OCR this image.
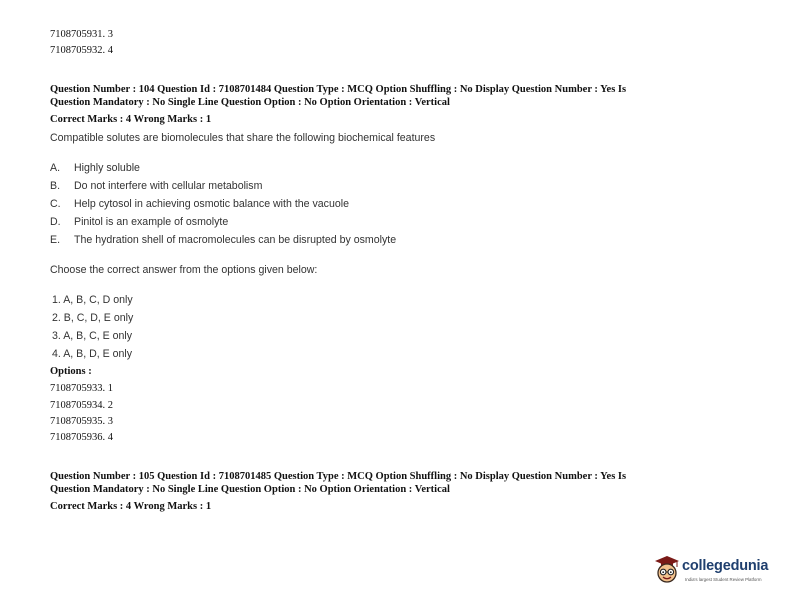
7108705931. 3
7108705932. 4
Question Number : 104 Question Id : 7108701484 Question Type : MCQ Option Shuffling : No Display Question Number : Yes Is
Question Mandatory : No Single Line Question Option : No Option Orientation : Vertical
Correct Marks : 4 Wrong Marks : 1
Compatible solutes are biomolecules that share the following biochemical features
A. Highly soluble
B. Do not interfere with cellular metabolism
C. Help cytosol in achieving osmotic balance with the vacuole
D. Pinitol is an example of osmolyte
E. The hydration shell of macromolecules can be disrupted by osmolyte
Choose the correct answer from the options given below:
1. A, B, C, D only
2. B, C, D, E only
3. A, B, C, E only
4. A, B, D, E only
Options :
7108705933. 1
7108705934. 2
7108705935. 3
7108705936. 4
Question Number : 105 Question Id : 7108701485 Question Type : MCQ Option Shuffling : No Display Question Number : Yes Is
Question Mandatory : No Single Line Question Option : No Option Orientation : Vertical
Correct Marks : 4 Wrong Marks : 1
collegedunia
India's largest Student Review Platform
